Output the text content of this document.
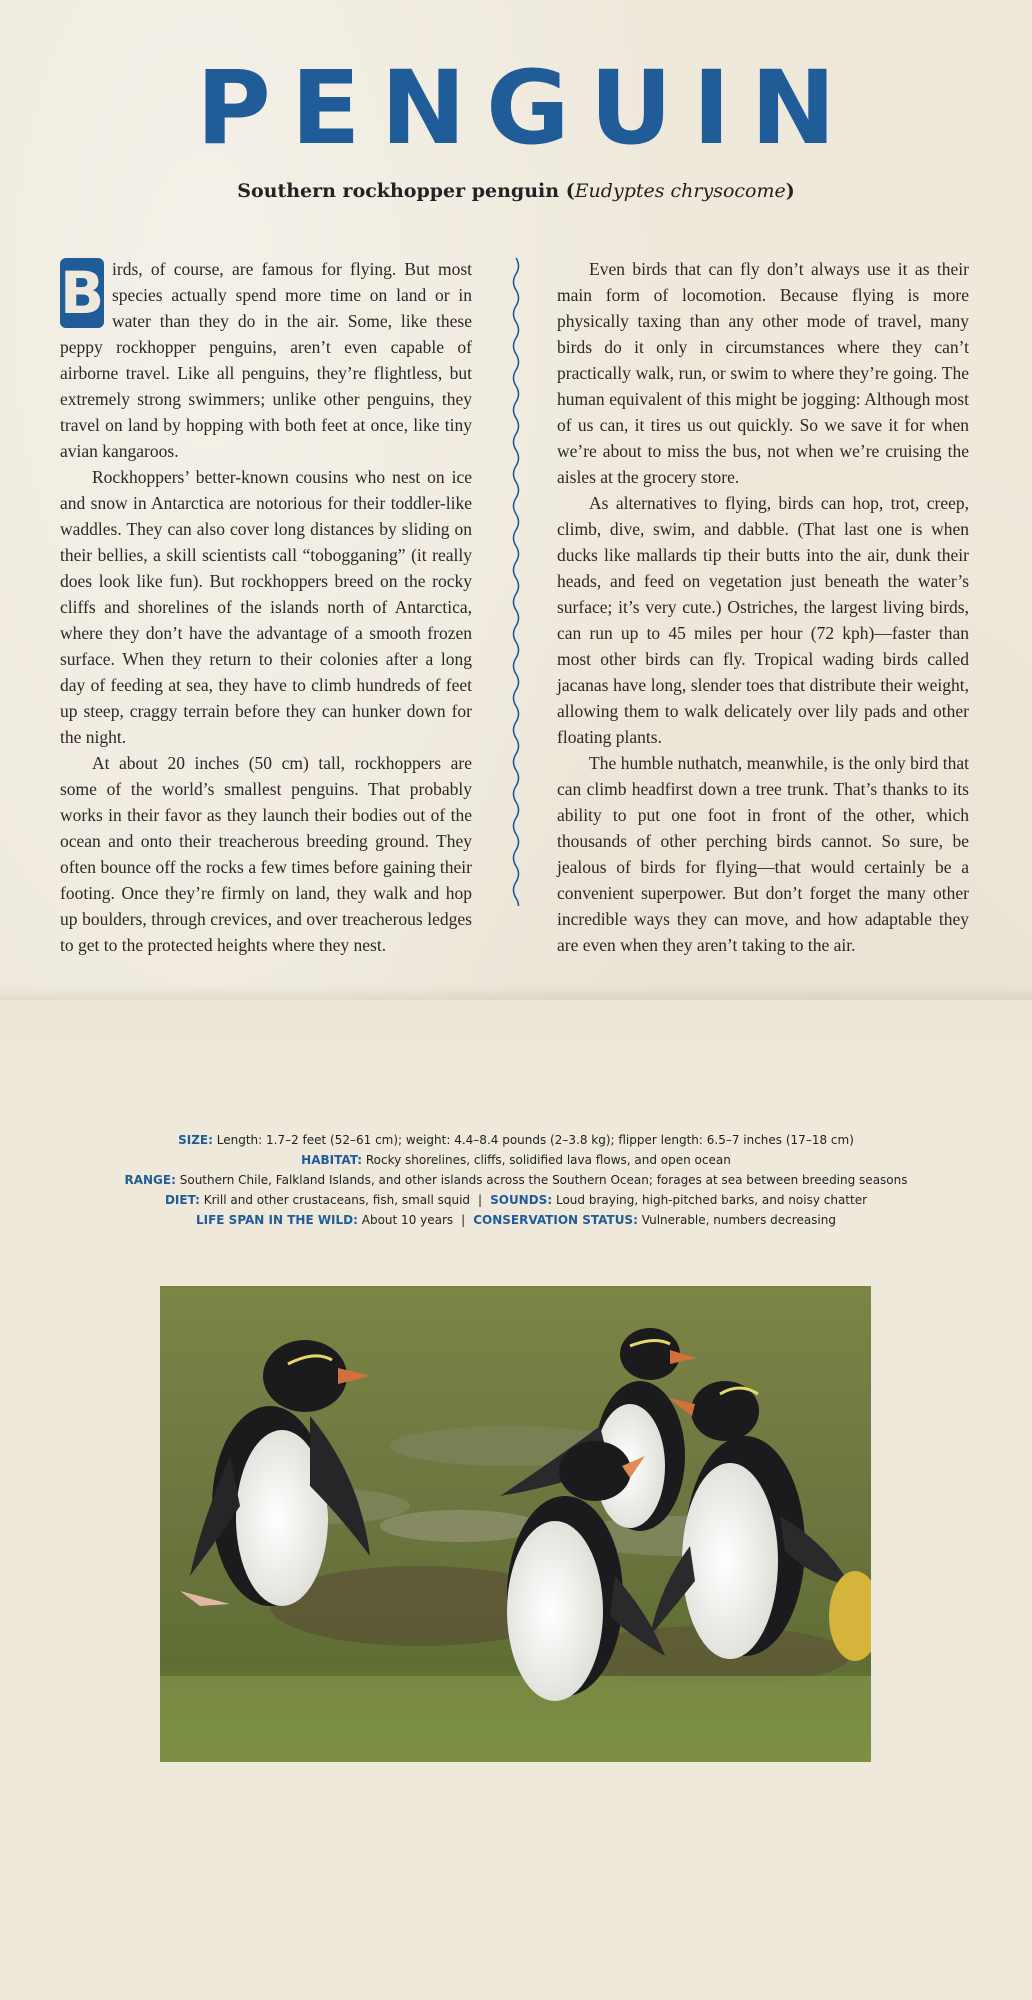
PENGUIN
Southern rockhopper penguin (Eudyptes chrysocome)

B irds, of course, are famous for flying. But most species actually spend more time on land or in water than they do in the air. Some, like these peppy rockhopper penguins, aren’t even capable of airborne travel. Like all penguins, they’re flightless, but extremely strong swimmers; unlike other penguins, they travel on land by hopping with both feet at once, like tiny avian kangaroos.

Rockhoppers’ better-known cousins who nest on ice and snow in Antarctica are notorious for their toddler-like waddles. They can also cover long distances by sliding on their bellies, a skill scientists call “tobogganing” (it really does look like fun). But rockhoppers breed on the rocky cliffs and shorelines of the islands north of Antarctica, where they don’t have the advantage of a smooth frozen surface. When they return to their colonies after a long day of feeding at sea, they have to climb hundreds of feet up steep, craggy terrain before they can hunker down for the night.

At about 20 inches (50 cm) tall, rockhoppers are some of the world’s smallest penguins. That probably works in their favor as they launch their bodies out of the ocean and onto their treacherous breeding ground. They often bounce off the rocks a few times before gaining their footing. Once they’re firmly on land, they walk and hop up boulders, through crevices, and over treacherous ledges to get to the protected heights where they nest.

Even birds that can fly don’t always use it as their main form of locomotion. Because flying is more physically taxing than any other mode of travel, many birds do it only in circumstances where they can’t practically walk, run, or swim to where they’re going. The human equivalent of this might be jogging: Although most of us can, it tires us out quickly. So we save it for when we’re about to miss the bus, not when we’re cruising the aisles at the grocery store.

As alternatives to flying, birds can hop, trot, creep, climb, dive, swim, and dabble. (That last one is when ducks like mallards tip their butts into the air, dunk their heads, and feed on vegetation just beneath the water’s surface; it’s very cute.) Ostriches, the largest living birds, can run up to 45 miles per hour (72 kph)—faster than most other birds can fly. Tropical wading birds called jacanas have long, slender toes that distribute their weight, allowing them to walk delicately over lily pads and other floating plants.

The humble nuthatch, meanwhile, is the only bird that can climb headfirst down a tree trunk. That’s thanks to its ability to put one foot in front of the other, which thousands of other perching birds cannot. So sure, be jealous of birds for flying—that would certainly be a convenient superpower. But don’t forget the many other incredible ways they can move, and how adaptable they are even when they aren’t taking to the air.

SIZE: Length: 1.7–2 feet (52–61 cm); weight: 4.4–8.4 pounds (2–3.8 kg); flipper length: 6.5–7 inches (17–18 cm)
HABITAT: Rocky shorelines, cliffs, solidified lava flows, and open ocean
RANGE: Southern Chile, Falkland Islands, and other islands across the Southern Ocean; forages at sea between breeding seasons
DIET: Krill and other crustaceans, fish, small squid | SOUNDS: Loud braying, high-pitched barks, and noisy chatter
LIFE SPAN IN THE WILD: About 10 years | CONSERVATION STATUS: Vulnerable, numbers decreasing
